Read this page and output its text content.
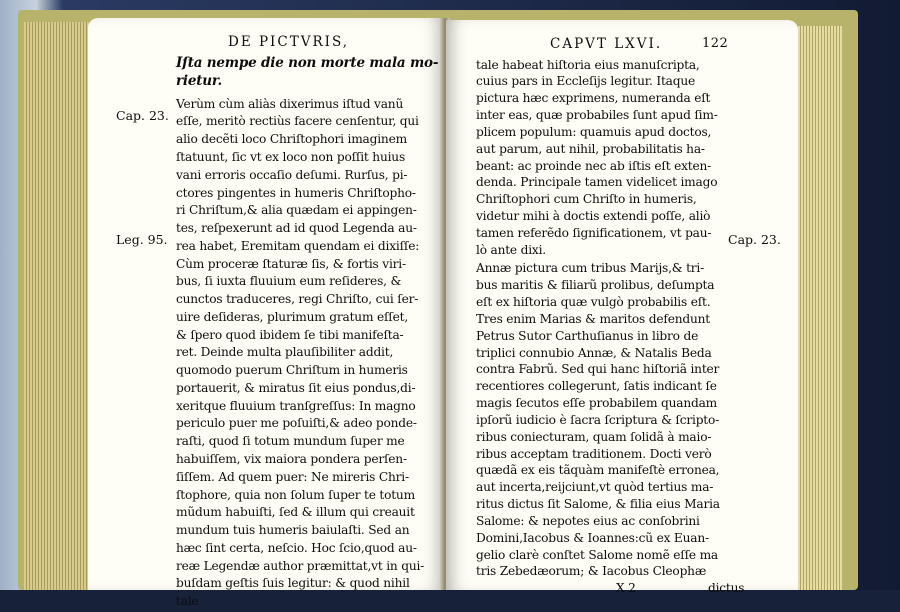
DE PICTVRIS,
Iſta nempe die non morte mala mo-
rietur.
Verùm cùm aliàs dixerimus iſtud vanũ
eſſe, meritò rectiùs facere cenſentur, qui
alio decẽti loco Chriſtophori imaginem
ſtatuunt, ſic vt ex loco non poſſit huius
vani erroris occaſio deſumi. Rurſus, pi-
ctores pingentes in humeris Chriſtopho-
ri Chriſtum,& alia quædam ei appingen-
tes, reſpexerunt ad id quod Legenda au-
rea habet, Eremitam quendam ei dixiſſe:
Cùm proceræ ſtaturæ ſis, & fortis viri-
bus, ſi iuxta fluuium eum reſideres, &
cunctos traduceres, regi Chriſto, cui ſer-
uire deſideras, plurimum gratum eſſet,
& ſpero quod ibidem ſe tibi manifeſta-
ret. Deinde multa plauſibiliter addit,
quomodo puerum Chriſtum in humeris
portauerit, & miratus ſit eius pondus,di-
xeritque fluuium tranſgreſſus: In magno
periculo puer me poſuiſti,& adeo ponde-
raſti, quod ſi totum mundum ſuper me
habuiſſem, vix maiora pondera perſen-
ſiſſem. Ad quem puer: Ne mireris Chri-
ſtophore, quia non ſolum ſuper te totum
mũdum habuiſti, ſed & illum qui creauit
mundum tuis humeris baiulaſti. Sed an
hæc ſint certa, neſcio. Hoc ſcio,quod au-
reæ Legendæ author præmittat,vt in qui-
buſdam geſtis ſuis legitur: & quod nihil
tale
Cap. 23.
Leg. 95.
CAPVT LXVI.	122
tale habeat hiſtoria eius manuſcripta,
cuius pars in Eccleſijs legitur. Itaque
pictura hæc exprimens, numeranda eſt
inter eas, quæ probabiles ſunt apud ſim-
plicem populum: quamuis apud doctos,
aut parum, aut nihil, probabilitatis ha-
beant: ac proinde nec ab iſtis eſt exten-
denda. Principale tamen videlicet imago
Chriſtophori cum Chriſto in humeris,
videtur mihi à doctis extendi poſſe, aliò
tamen referẽdo ſignificationem, vt pau-
lò ante dixi.
Annæ pictura cum tribus Marijs,& tri-
bus maritis & filiarũ prolibus, deſumpta
eſt ex hiſtoria quæ vulgò probabilis eſt.
Tres enim Marias & maritos defendunt
Petrus Sutor Carthuſianus in libro de
triplici connubio Annæ, & Natalis Beda
contra Fabrũ. Sed qui hanc hiſtoriã inter
recentiores collegerunt, ſatis indicant ſe
magis ſecutos eſſe probabilem quandam
ipſorũ iudicio è ſacra ſcriptura & ſcripto-
ribus coniecturam, quam ſolidã à maio-
ribus acceptam traditionem. Docti verò
quædã ex eis tãquàm manifeſtè erronea,
aut incerta,reijciunt,vt quòd tertius ma-
ritus dictus ſit Salome, & filia eius Maria
Salome: & nepotes eius ac conſobrini
Domini,Iacobus & Ioannes:cũ ex Euan-
gelio clarè conſtet Salome nomẽ eſſe ma
tris Zebedæorum; & Iacobus Cleophæ
X 2	dictus
Cap. 23.
